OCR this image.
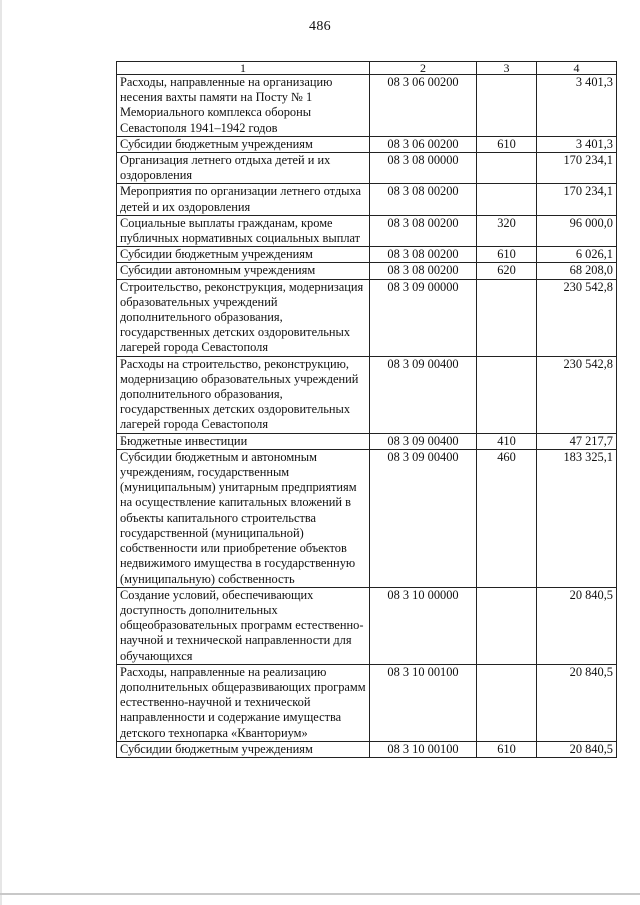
486
1	2	3	4
Расходы, направленные на организацию несения вахты памяти на Посту № 1 Мемориального комплекса обороны Севастополя 1941–1942 годов	08 3 06 00200		3 401,3
Субсидии бюджетным учреждениям	08 3 06 00200	610	3 401,3
Организация летнего отдыха детей и их оздоровления	08 3 08 00000		170 234,1
Мероприятия по организации летнего отдыха детей и их оздоровления	08 3 08 00200		170 234,1
Социальные выплаты гражданам, кроме публичных нормативных социальных выплат	08 3 08 00200	320	96 000,0
Субсидии бюджетным учреждениям	08 3 08 00200	610	6 026,1
Субсидии автономным учреждениям	08 3 08 00200	620	68 208,0
Строительство, реконструкция, модернизация образовательных учреждений дополнительного образования, государственных детских оздоровительных лагерей города Севастополя	08 3 09 00000		230 542,8
Расходы на строительство, реконструкцию, модернизацию образовательных учреждений дополнительного образования, государственных детских оздоровительных лагерей города Севастополя	08 3 09 00400		230 542,8
Бюджетные инвестиции	08 3 09 00400	410	47 217,7
Субсидии бюджетным и автономным учреждениям, государственным (муниципальным) унитарным предприятиям на осуществление капитальных вложений в объекты капитального строительства государственной (муниципальной) собственности или приобретение объектов недвижимого имущества в государственную (муниципальную) собственность	08 3 09 00400	460	183 325,1
Создание условий, обеспечивающих доступность дополнительных общеобразовательных программ естественно-научной и технической направленности для обучающихся	08 3 10 00000		20 840,5
Расходы, направленные на реализацию дополнительных общеразвивающих программ естественно-научной и технической направленности и содержание имущества детского технопарка «Кванториум»	08 3 10 00100		20 840,5
Субсидии бюджетным учреждениям	08 3 10 00100	610	20 840,5
